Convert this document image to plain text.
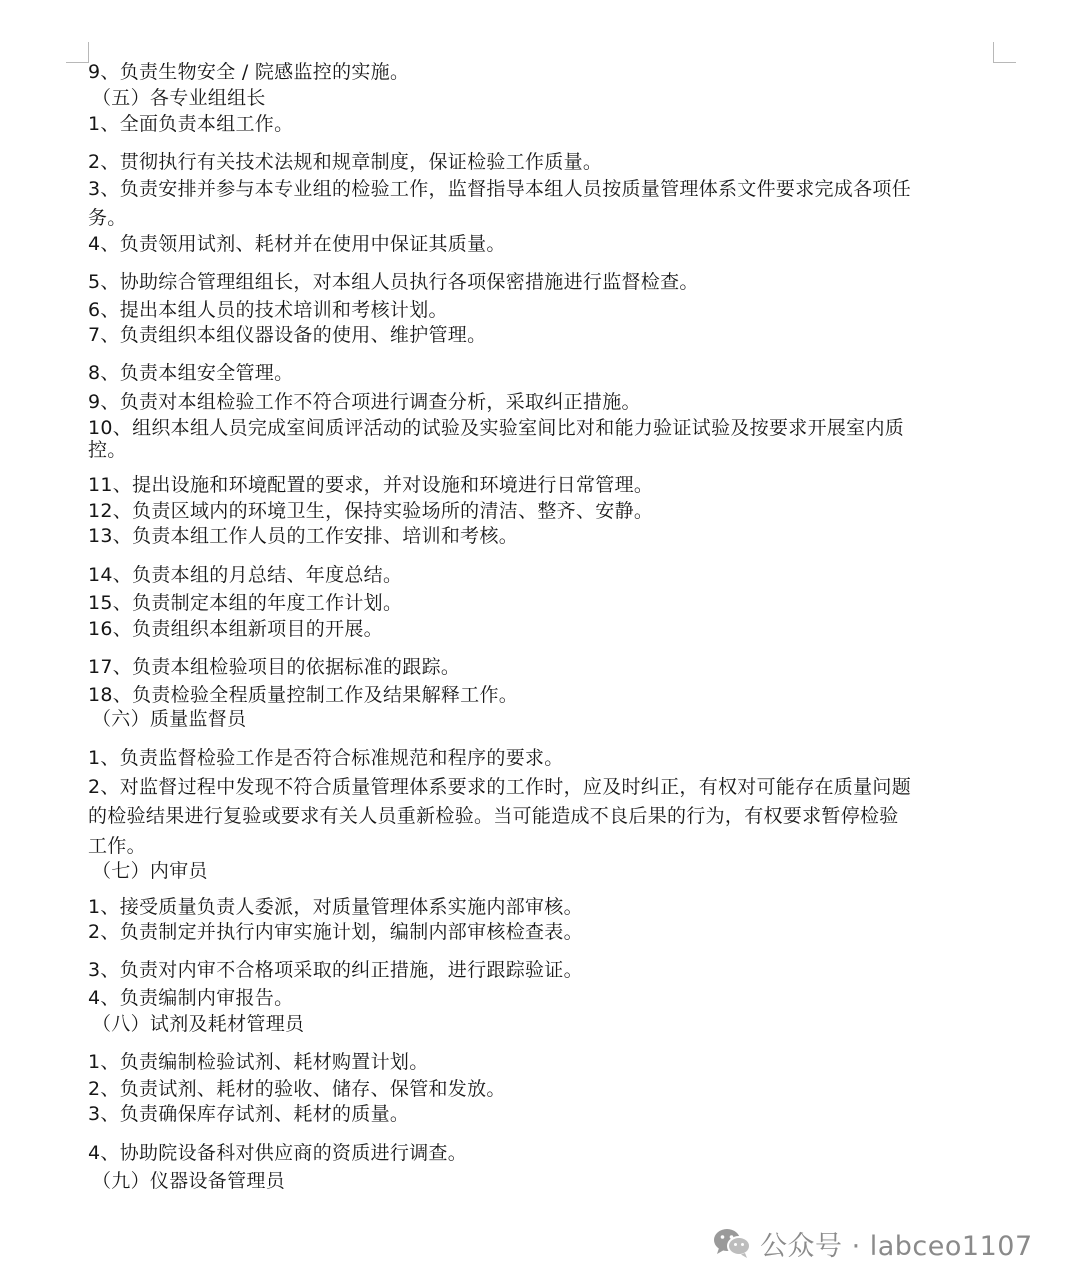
9、负责生物安全 / 院感监控的实施。
（五）各专业组组长
1、全面负责本组工作。
2、贯彻执行有关技术法规和规章制度，保证检验工作质量。
3、负责安排并参与本专业组的检验工作，监督指导本组人员按质量管理体系文件要求完成各项任
务。
4、负责领用试剂、耗材并在使用中保证其质量。
5、协助综合管理组组长，对本组人员执行各项保密措施进行监督检查。
6、提出本组人员的技术培训和考核计划。
7、负责组织本组仪器设备的使用、维护管理。
8、负责本组安全管理。
9、负责对本组检验工作不符合项进行调查分析，采取纠正措施。
10、组织本组人员完成室间质评活动的试验及实验室间比对和能力验证试验及按要求开展室内质
控。
11、提出设施和环境配置的要求，并对设施和环境进行日常管理。
12、负责区域内的环境卫生，保持实验场所的清洁、整齐、安静。
13、负责本组工作人员的工作安排、培训和考核。
14、负责本组的月总结、年度总结。
15、负责制定本组的年度工作计划。
16、负责组织本组新项目的开展。
17、负责本组检验项目的依据标准的跟踪。
18、负责检验全程质量控制工作及结果解释工作。
（六）质量监督员
1、负责监督检验工作是否符合标准规范和程序的要求。
2、对监督过程中发现不符合质量管理体系要求的工作时，应及时纠正，有权对可能存在质量问题
的检验结果进行复验或要求有关人员重新检验。当可能造成不良后果的行为，有权要求暂停检验
工作。
（七）内审员
1、接受质量负责人委派，对质量管理体系实施内部审核。
2、负责制定并执行内审实施计划，编制内部审核检查表。
3、负责对内审不合格项采取的纠正措施，进行跟踪验证。
4、负责编制内审报告。
（八）试剂及耗材管理员
1、负责编制检验试剂、耗材购置计划。
2、负责试剂、耗材的验收、储存、保管和发放。
3、负责确保库存试剂、耗材的质量。
4、协助院设备科对供应商的资质进行调查。
（九）仪器设备管理员
公众号 · labceo1107
